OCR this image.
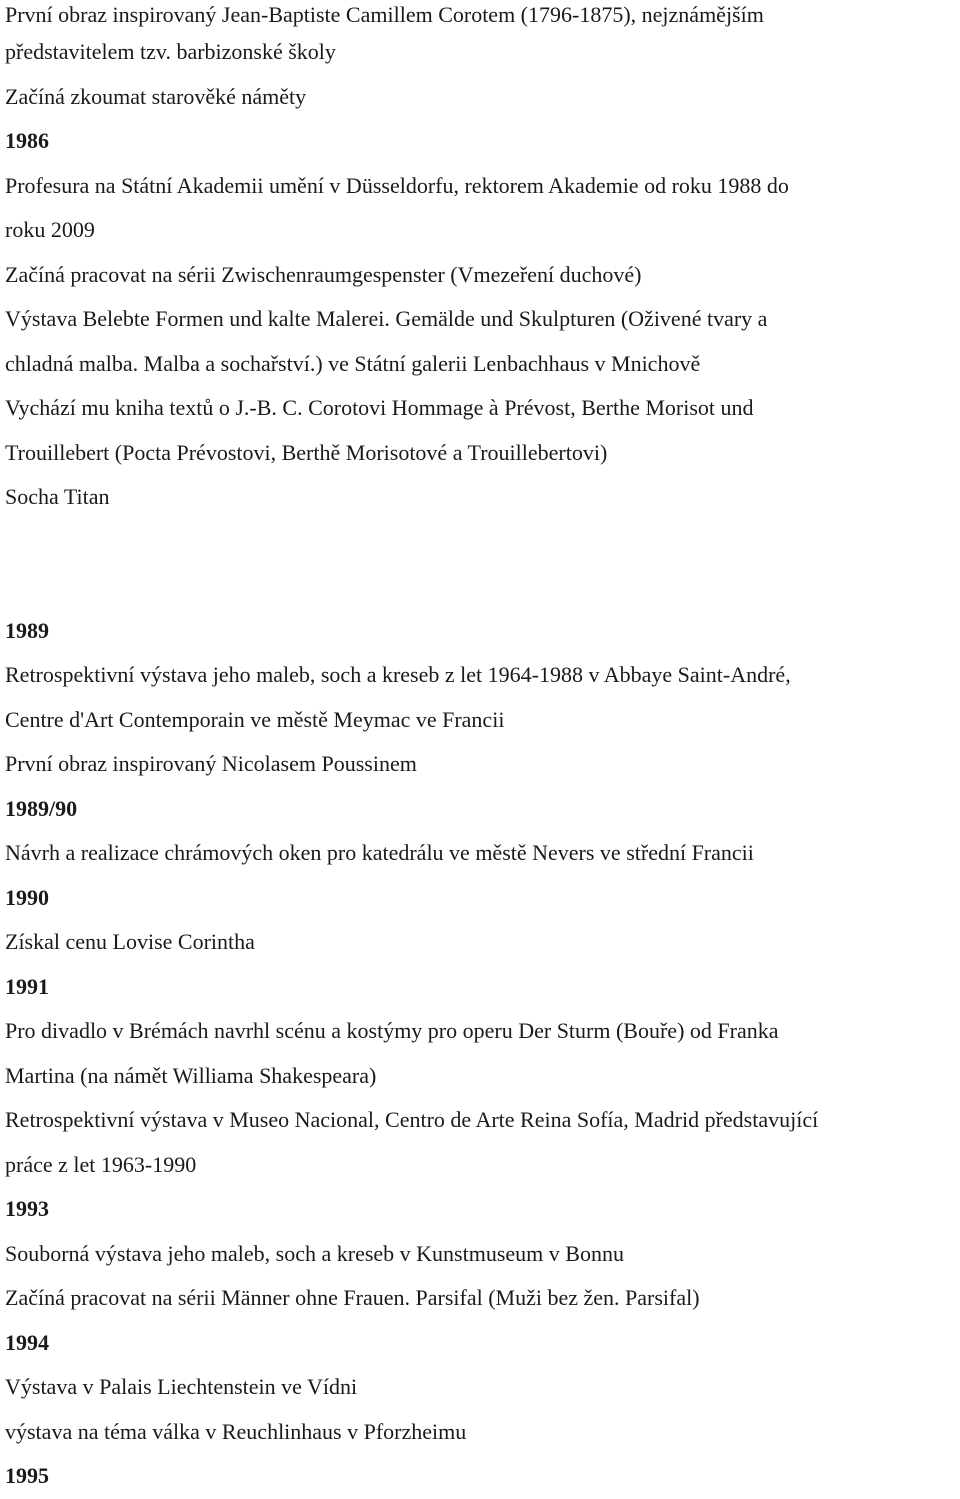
První obraz inspirovaný Jean-Baptiste Camillem Corotem (1796-1875), nejznámějším

představitelem tzv. barbizonské školy

Začíná zkoumat starověké náměty

1986

Profesura na Státní Akademii umění v Düsseldorfu, rektorem Akademie od roku 1988 do

roku 2009

Začíná pracovat na sérii Zwischenraumgespenster (Vmezeření duchové)

Výstava Belebte Formen und kalte Malerei. Gemälde und Skulpturen (Oživené tvary a

chladná malba. Malba a sochařství.) ve Státní galerii Lenbachhaus v Mnichově

Vychází mu kniha textů o J.-B. C. Corotovi Hommage à Prévost, Berthe Morisot und

Trouillebert (Pocta Prévostovi, Berthě Morisotové a Trouillebertovi)

Socha Titan

1989

Retrospektivní výstava jeho maleb, soch a kreseb z let 1964-1988 v Abbaye Saint-André,

Centre d'Art Contemporain ve městě Meymac ve Francii

První obraz inspirovaný Nicolasem Poussinem

1989/90

Návrh a realizace chrámových oken pro katedrálu ve městě Nevers ve střední Francii

1990

Získal cenu Lovise Corintha

1991

Pro divadlo v Brémách navrhl scénu a kostýmy pro operu Der Sturm (Bouře) od Franka

Martina (na námět Williama Shakespeara)

Retrospektivní výstava v Museo Nacional, Centro de Arte Reina Sofía, Madrid představující

práce z let 1963-1990

1993

Souborná výstava jeho maleb, soch a kreseb v Kunstmuseum v Bonnu

Začíná pracovat na sérii Männer ohne Frauen. Parsifal (Muži bez žen. Parsifal)

1994

Výstava v Palais Liechtenstein ve Vídni

výstava na téma válka v Reuchlinhaus v Pforzheimu

1995
